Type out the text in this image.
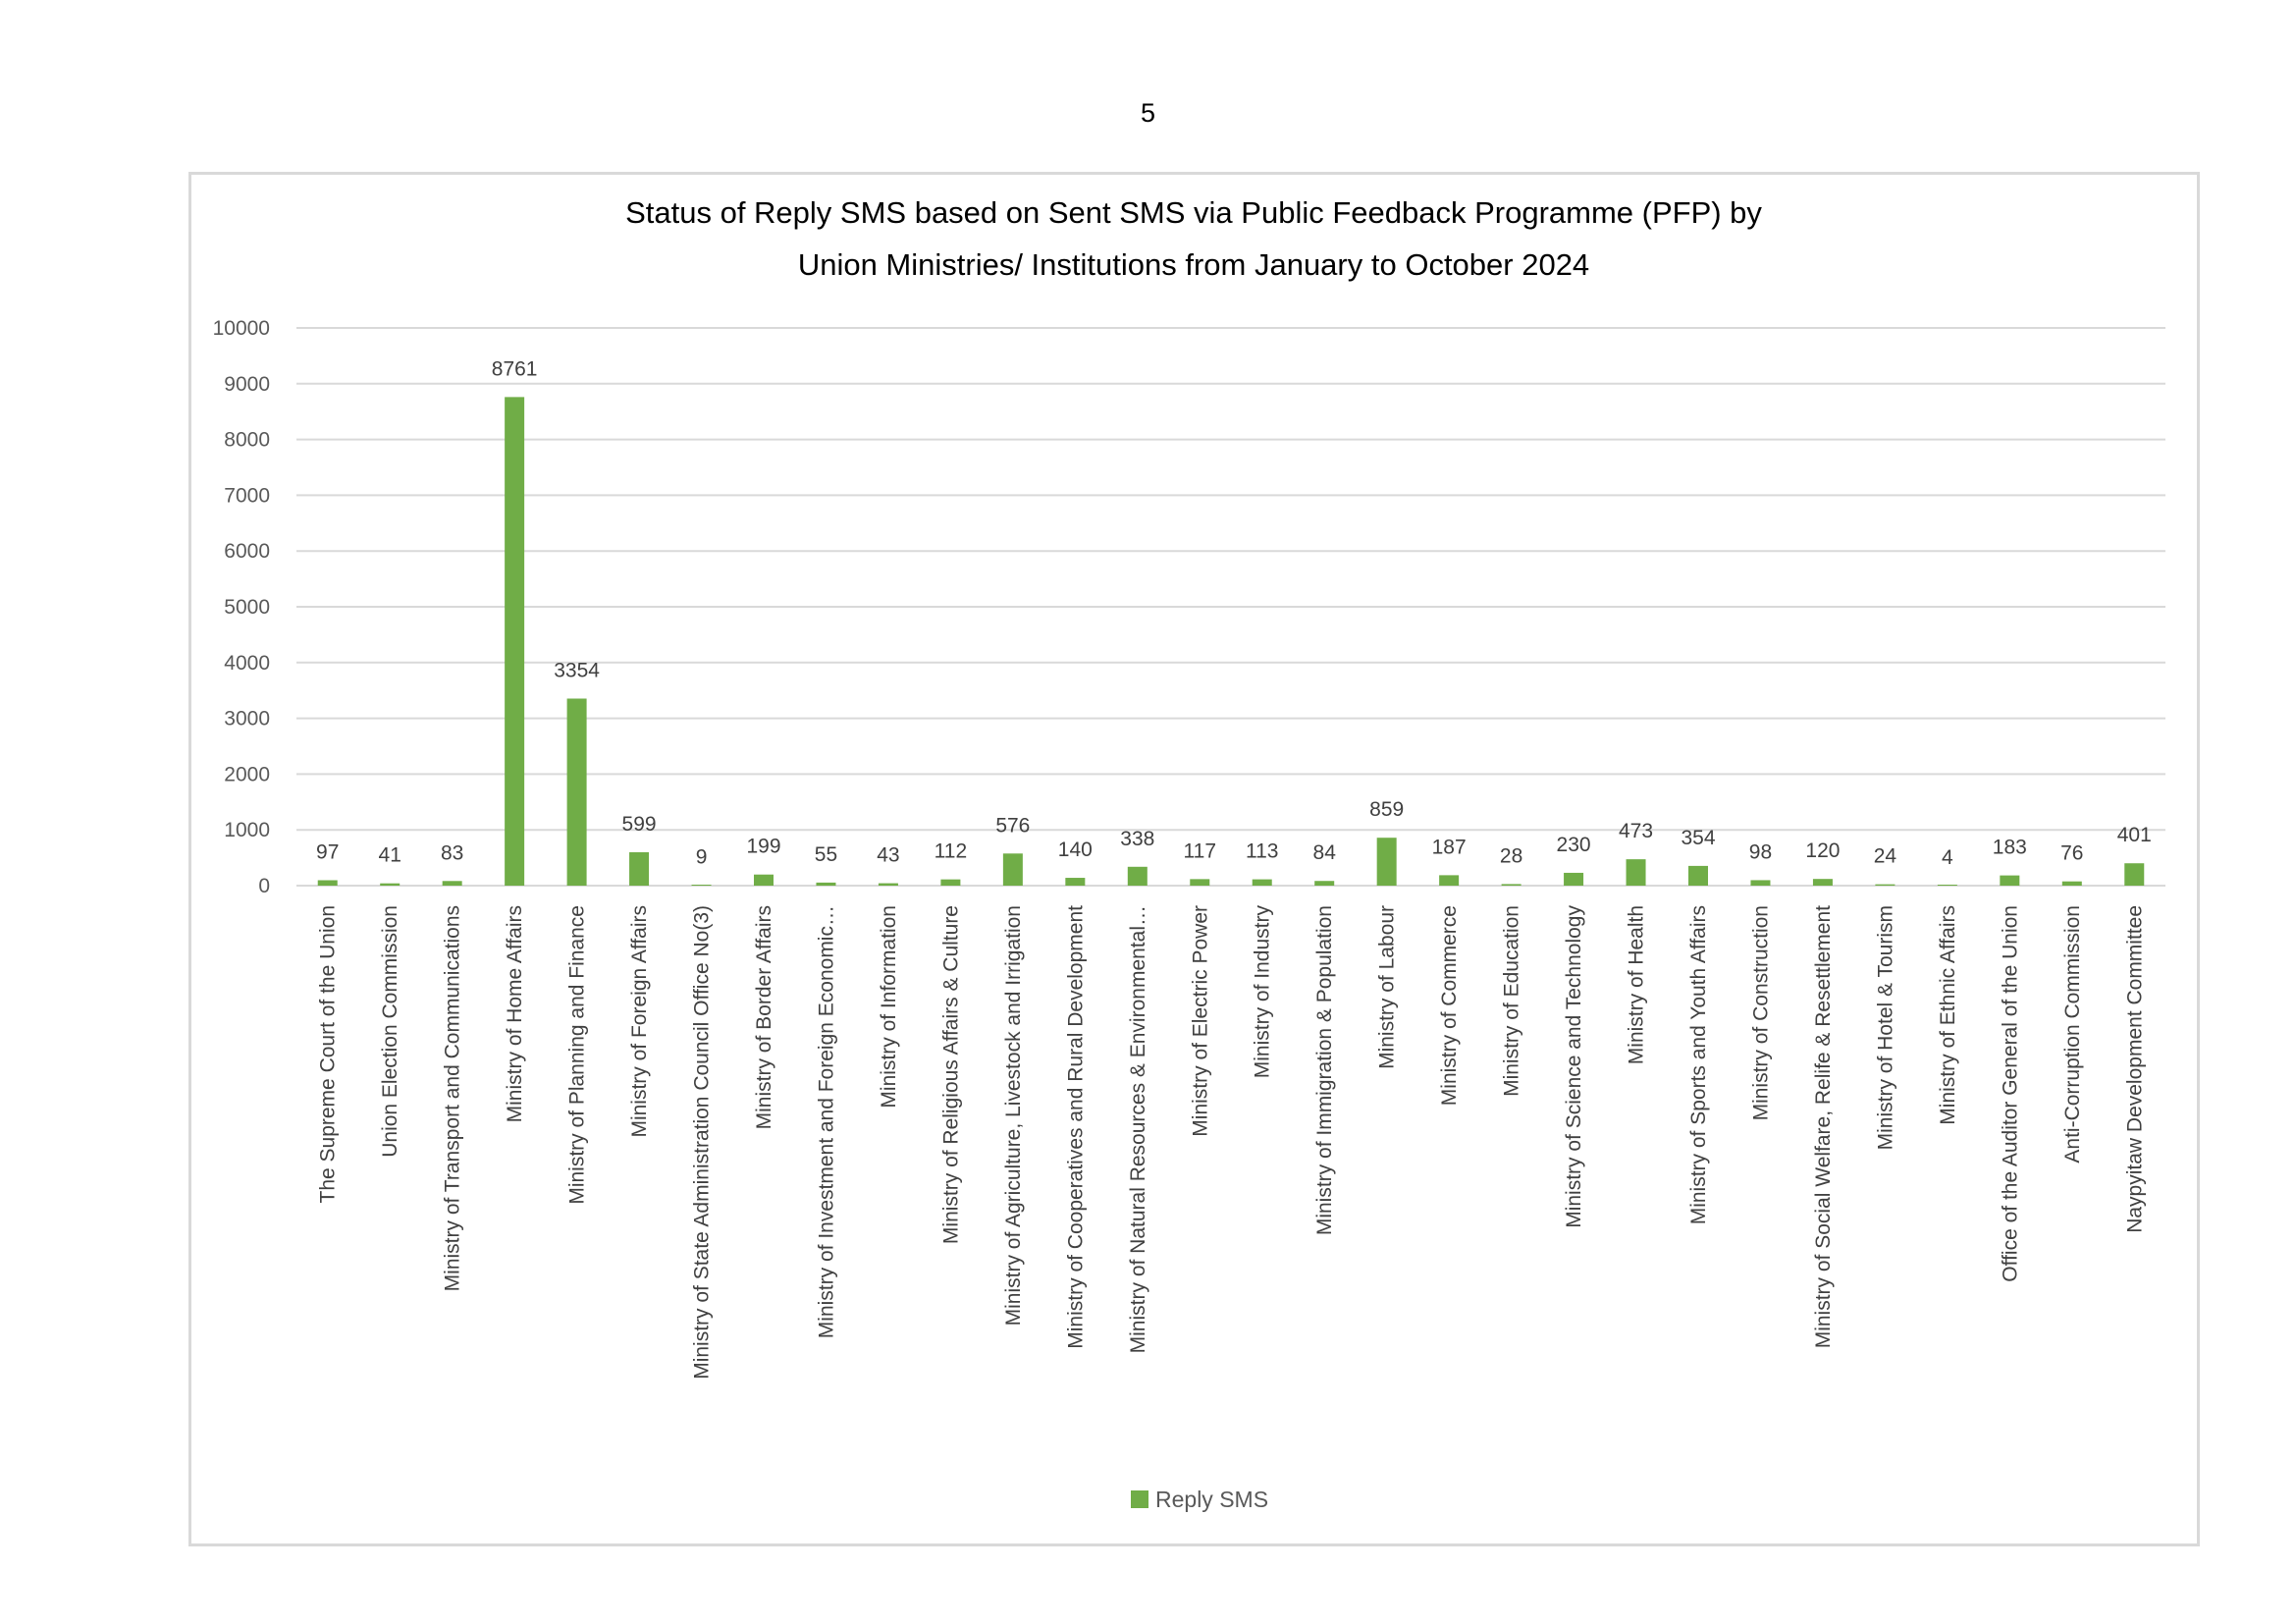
5
Status of Reply SMS based on Sent SMS via Public Feedback Programme (PFP) by
Union Ministries/ Institutions from January to October 2024
0
1000
2000
3000
4000
5000
6000
7000
8000
9000
10000
97 41 83
8761
3354
599
9 199 55 43 112
576
140 338
117 113 84
859
187 28 230
473 354
98 120 24 4 183 76
401
The Supreme Court of the Union Union Election Commission Ministry of Transport and Communications Ministry of Home Affairs Ministry of Planning and Finance Ministry of Foreign Affairs Ministry of State Administration Council Office No(3) Ministry of Border Affairs Ministry of Investment and Foreign Economic… Ministry of Information Ministry of Religious Affairs & Culture Ministry of Agriculture, Livestock and Irrigation Ministry of Cooperatives and Rural Development Ministry of Natural Resources & Environmental… Ministry of Electric Power Ministry of Industry Ministry of Immigration & Population Ministry of Labour Ministry of Commerce Ministry of Education Ministry of Science and Technology Ministry of Health Ministry of Sports and Youth Affairs Ministry of Construction Ministry of Social Welfare, Relife & Resettlement Ministry of Hotel & Tourism Ministry of Ethnic Affairs Office of the Auditor General of the Union Anti-Corruption Commission Naypyitaw Development Committee
Reply SMS
